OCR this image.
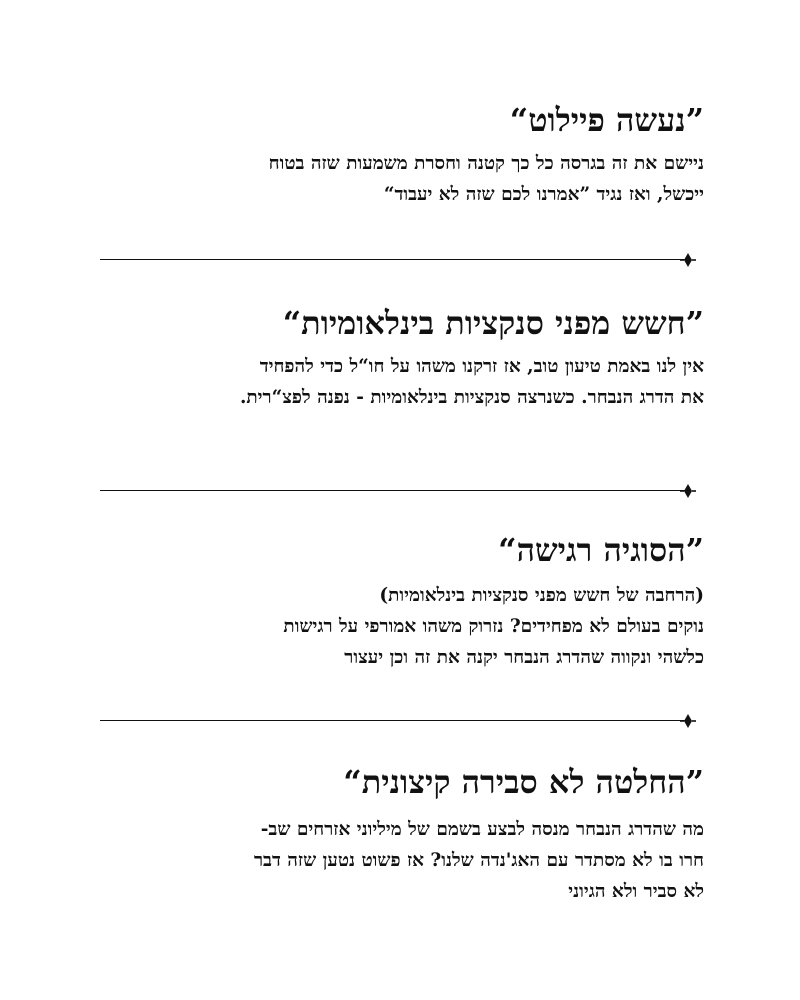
”נעשה פיילוט“

ניישם את זה בגרסה כל כך קטנה וחסרת משמעות שזה בטוח
ייכשל, ואז נגיד ”אמרנו לכם שזה לא יעבוד“

”חשש מפני סנקציות בינלאומיות“

אין לנו באמת טיעון טוב, אז זרקנו משהו על חו“ל כדי להפחיד
את הדרג הנבחר. כשנרצה סנקציות בינלאומיות - נפנה לפצ“רית.

”הסוגיה רגישה“

(הרחבה של חשש מפני סנקציות בינלאומיות)
נוקים בעולם לא מפחידים? נזרוק משהו אמורפי על רגישות
כלשהי ונקווה שהדרג הנבחר יקנה את זה וכן יעצור

”החלטה לא סבירה קיצונית“

מה שהדרג הנבחר מנסה לבצע בשמם של מיליוני אזרחים שב-
חרו בו לא מסתדר עם האג'נדה שלנו? אז פשוט נטען שזה דבר
לא סביר ולא הגיוני
